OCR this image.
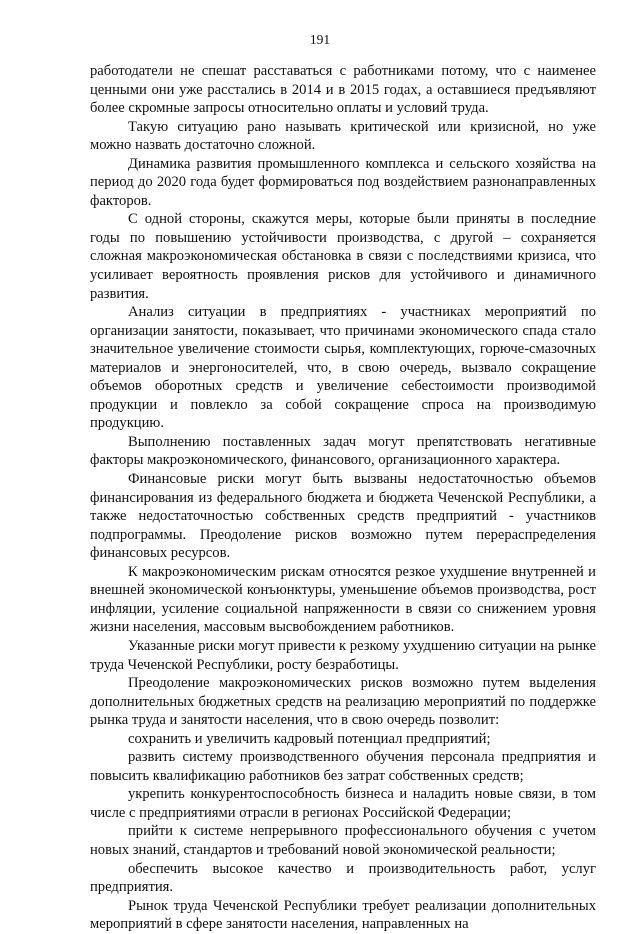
191

работодатели не спешат расставаться с работниками потому, что с наименее ценными они уже расстались в 2014 и в 2015 годах, а оставшиеся предъявляют более скромные запросы относительно оплаты и условий труда.

Такую ситуацию рано называть критической или кризисной, но уже можно назвать достаточно сложной.

Динамика развития промышленного комплекса и сельского хозяйства на период до 2020 года будет формироваться под воздействием разнонаправленных факторов.

С одной стороны, скажутся меры, которые были приняты в последние годы по повышению устойчивости производства, с другой – сохраняется сложная макроэкономическая обстановка в связи с последствиями кризиса, что усиливает вероятность проявления рисков для устойчивого и динамичного развития.

Анализ ситуации в предприятиях - участниках мероприятий по организации занятости, показывает, что причинами экономического спада стало значительное увеличение стоимости сырья, комплектующих, горюче-смазочных материалов и энергоносителей, что, в свою очередь, вызвало сокращение объемов оборотных средств и увеличение себестоимости производимой продукции и повлекло за собой сокращение спроса на производимую продукцию.

Выполнению поставленных задач могут препятствовать негативные факторы макроэкономического, финансового, организационного характера.

Финансовые риски могут быть вызваны недостаточностью объемов финансирования из федерального бюджета и бюджета Чеченской Республики, а также недостаточностью собственных средств предприятий - участников подпрограммы. Преодоление рисков возможно путем перераспределения финансовых ресурсов.

К макроэкономическим рискам относятся резкое ухудшение внутренней и внешней экономической конъюнктуры, уменьшение объемов производства, рост инфляции, усиление социальной напряженности в связи со снижением уровня жизни населения, массовым высвобождением работников.

Указанные риски могут привести к резкому ухудшению ситуации на рынке труда Чеченской Республики, росту безработицы.

Преодоление макроэкономических рисков возможно путем выделения дополнительных бюджетных средств на реализацию мероприятий по поддержке рынка труда и занятости населения, что в свою очередь позволит:

сохранить и увеличить кадровый потенциал предприятий;

развить систему производственного обучения персонала предприятия и повысить квалификацию работников без затрат собственных средств;

укрепить конкурентоспособность бизнеса и наладить новые связи, в том числе с предприятиями отрасли в регионах Российской Федерации;

прийти к системе непрерывного профессионального обучения с учетом новых знаний, стандартов и требований новой экономической реальности;

обеспечить высокое качество и производительность работ, услуг предприятия.

Рынок труда Чеченской Республики требует реализации дополнительных мероприятий в сфере занятости населения, направленных на
